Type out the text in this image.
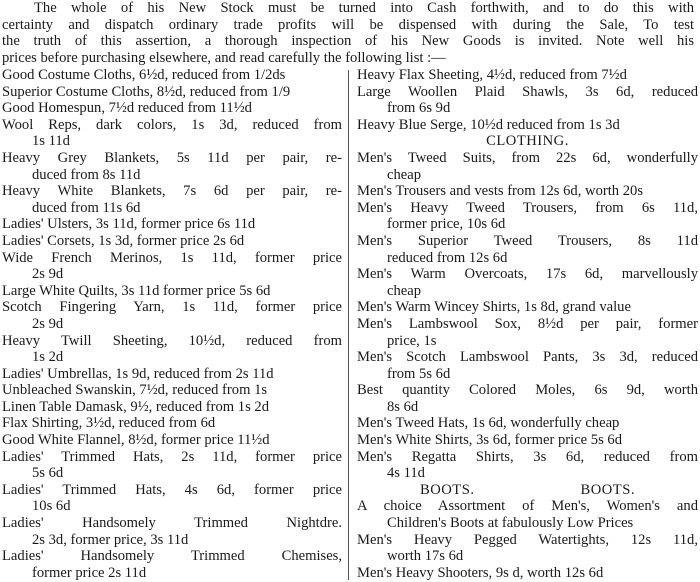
The whole of his New Stock must be turned into Cash forthwith, and to do this with
certainty and dispatch ordinary trade profits will be dispensed with during the Sale, To test
the truth of this assertion, a thorough inspection of his New Goods is invited. Note well his
prices before purchasing elsewhere, and read carefully the following list :—
Good Costume Cloths, 6½d, reduced from 1/2ds
Superior Costume Cloths, 8½d, reduced from 1/9
Good Homespun, 7½d reduced from 11½d
Wool Reps, dark colors, 1s 3d, reduced from
1s 11d
Heavy Grey Blankets, 5s 11d per pair, re-
duced from 8s 11d
Heavy White Blankets, 7s 6d per pair, re-
duced from 11s 6d
Ladies' Ulsters, 3s 11d, former price 6s 11d
Ladies' Corsets, 1s 3d, former price 2s 6d
Wide French Merinos, 1s 11d, former price
2s 9d
Large White Quilts, 3s 11d former price 5s 6d
Scotch Fingering Yarn, 1s 11d, former price
2s 9d
Heavy Twill Sheeting, 10½d, reduced from
1s 2d
Ladies' Umbrellas, 1s 9d, reduced from 2s 11d
Unbleached Swanskin, 7½d, reduced from 1s
Linen Table Damask, 9½, reduced from 1s 2d
Flax Shirting, 3½d, reduced from 6d
Good White Flannel, 8½d, former price 11½d
Ladies' Trimmed Hats, 2s 11d, former price
5s 6d
Ladies' Trimmed Hats, 4s 6d, former price
10s 6d
Ladies' Handsomely Trimmed Nightdre.
2s 3d, former price, 3s 11d
Ladies' Handsomely Trimmed Chemises,
former price 2s 11d
Heavy Flax Sheeting, 4½d, reduced from 7½d
Large Woollen Plaid Shawls, 3s 6d, reduced
from 6s 9d
Heavy Blue Serge, 10½d reduced from 1s 3d
CLOTHING.
Men's Tweed Suits, from 22s 6d, wonderfully
cheap
Men's Trousers and vests from 12s 6d, worth 20s
Men's Heavy Tweed Trousers, from 6s 11d,
former price, 10s 6d
Men's Superior Tweed Trousers, 8s 11d
reduced from 12s 6d
Men's Warm Overcoats, 17s 6d, marvellously
cheap
Men's Warm Wincey Shirts, 1s 8d, grand value
Men's Lambswool Sox, 8½d per pair, former
price, 1s
Men's Scotch Lambswool Pants, 3s 3d, reduced
from 5s 6d
Best quantity Colored Moles, 6s 9d, worth
8s 6d
Men's Tweed Hats, 1s 6d, wonderfully cheap
Men's White Shirts, 3s 6d, former price 5s 6d
Men's Regatta Shirts, 3s 6d, reduced from
4s 11d
BOOTS.	BOOTS.
A choice Assortment of Men's, Women's and
Children's Boots at fabulously Low Prices
Men's Heavy Pegged Watertights, 12s 11d,
worth 17s 6d
Men's Heavy Shooters, 9s d, worth 12s 6d
